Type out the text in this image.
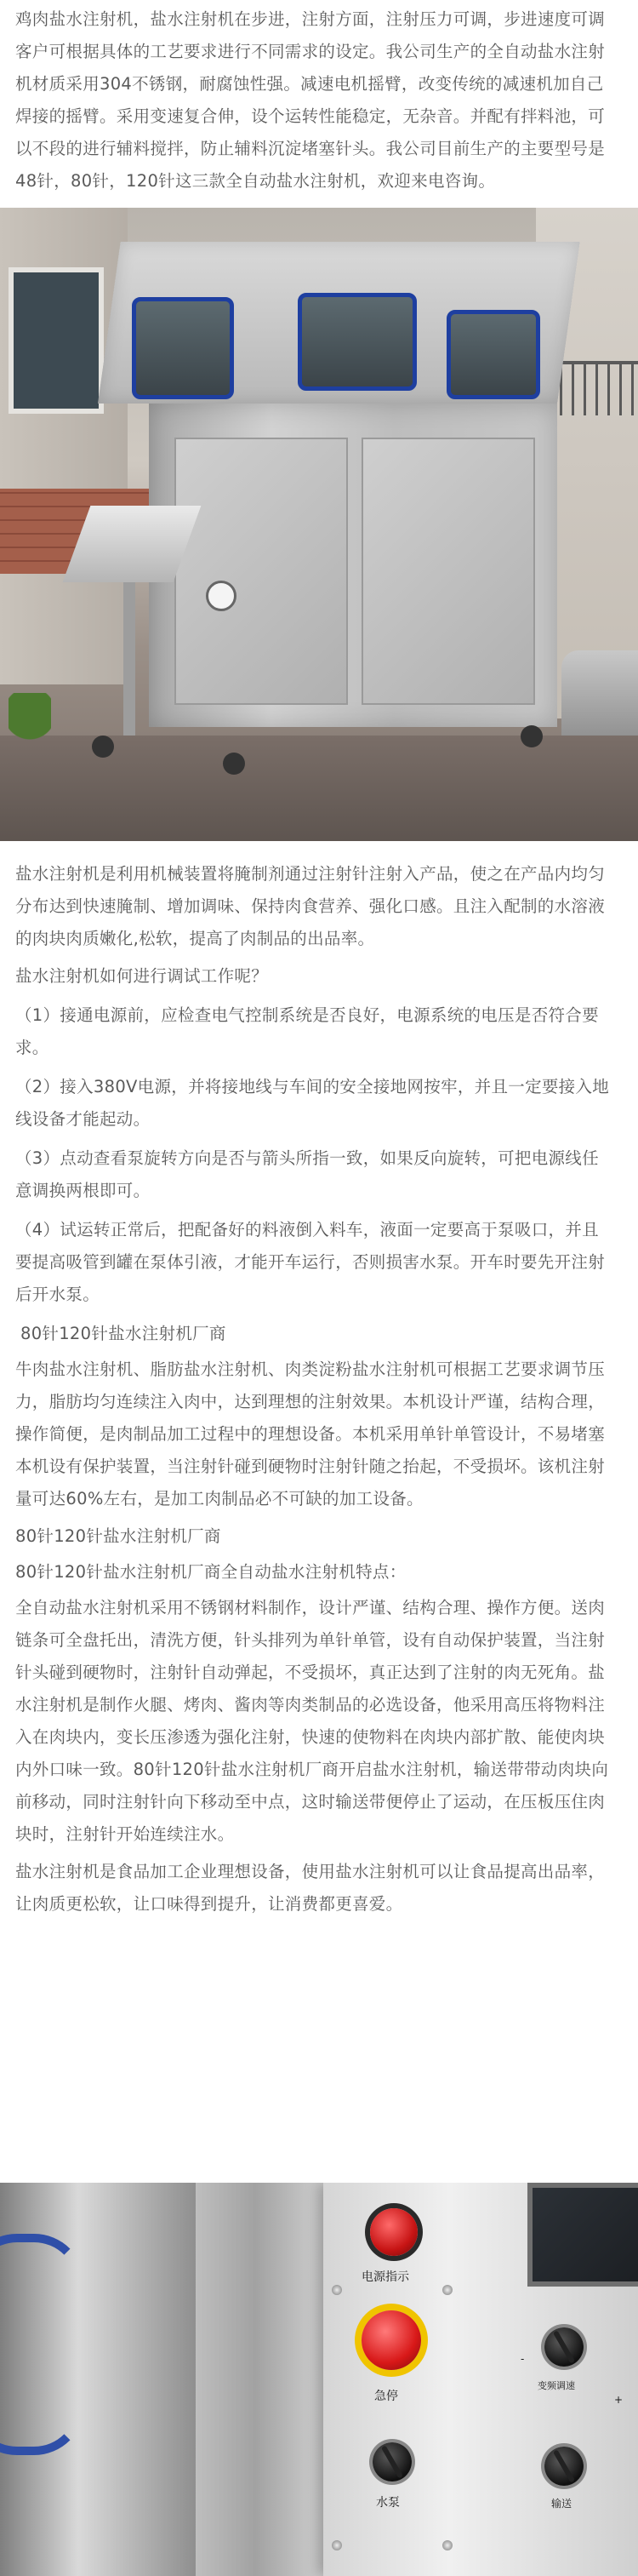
鸡肉盐水注射机，盐水注射机在步进，注射方面，注射压力可调，步进速度可调

客户可根据具体的工艺要求进行不同需求的设定。我公司生产的全自动盐水注射

机材质采用304不锈钢，耐腐蚀性强。减速电机摇臂，改变传统的减速机加自己

焊接的摇臂。采用变速复合伸，设个运转性能稳定，无杂音。并配有拌料池，可

以不段的进行辅料搅拌，防止辅料沉淀堵塞针头。我公司目前生产的主要型号是

48针，80针，120针这三款全自动盐水注射机，欢迎来电咨询。

盐水注射机是利用机械装置将腌制剂通过注射针注射入产品，使之在产品内均匀

分布达到快速腌制、增加调味、保持肉食营养、强化口感。且注入配制的水溶液

的肉块肉质嫩化,松软，提高了肉制品的出品率。

盐水注射机如何进行调试工作呢？

（1）接通电源前，应检查电气控制系统是否良好，电源系统的电压是否符合要

求。

（2）接入380V电源，并将接地线与车间的安全接地网按牢，并且一定要接入地

线设备才能起动。

（3）点动查看泵旋转方向是否与箭头所指一致，如果反向旋转，可把电源线任

意调换两根即可。

（4）试运转正常后，把配备好的料液倒入料车，液面一定要高于泵吸口，并且

要提高吸管到罐在泵体引液，才能开车运行，否则损害水泵。开车时要先开注射

后开水泵。

80针120针盐水注射机厂商

牛肉盐水注射机、脂肪盐水注射机、肉类淀粉盐水注射机可根据工艺要求调节压

力，脂肪均匀连续注入肉中，达到理想的注射效果。本机设计严谨，结构合理，

操作简便，是肉制品加工过程中的理想设备。本机采用单针单管设计，不易堵塞

本机设有保护装置，当注射针碰到硬物时注射针随之抬起，不受损坏。该机注射

量可达60%左右，是加工肉制品必不可缺的加工设备。

80针120针盐水注射机厂商

80针120针盐水注射机厂商全自动盐水注射机特点：

全自动盐水注射机采用不锈钢材料制作，设计严谨、结构合理、操作方便。送肉

链条可全盘托出，清洗方便，针头排列为单针单管，设有自动保护装置，当注射

针头碰到硬物时，注射针自动弹起，不受损坏，真正达到了注射的肉无死角。盐

水注射机是制作火腿、烤肉、酱肉等肉类制品的必选设备，他采用高压将物料注

入在肉块内，变长压渗透为强化注射，快速的使物料在肉块内部扩散、能使肉块

内外口味一致。80针120针盐水注射机厂商开启盐水注射机，输送带带动肉块向

前移动，同时注射针向下移动至中点，这时输送带便停止了运动，在压板压住肉

块时，注射针开始连续注水。

盐水注射机是食品加工企业理想设备，使用盐水注射机可以让食品提高出品率，

让肉质更松软，让口味得到提升，让消费都更喜爱。

电源指示
急停
水泵
-
变频调速
+
输送
